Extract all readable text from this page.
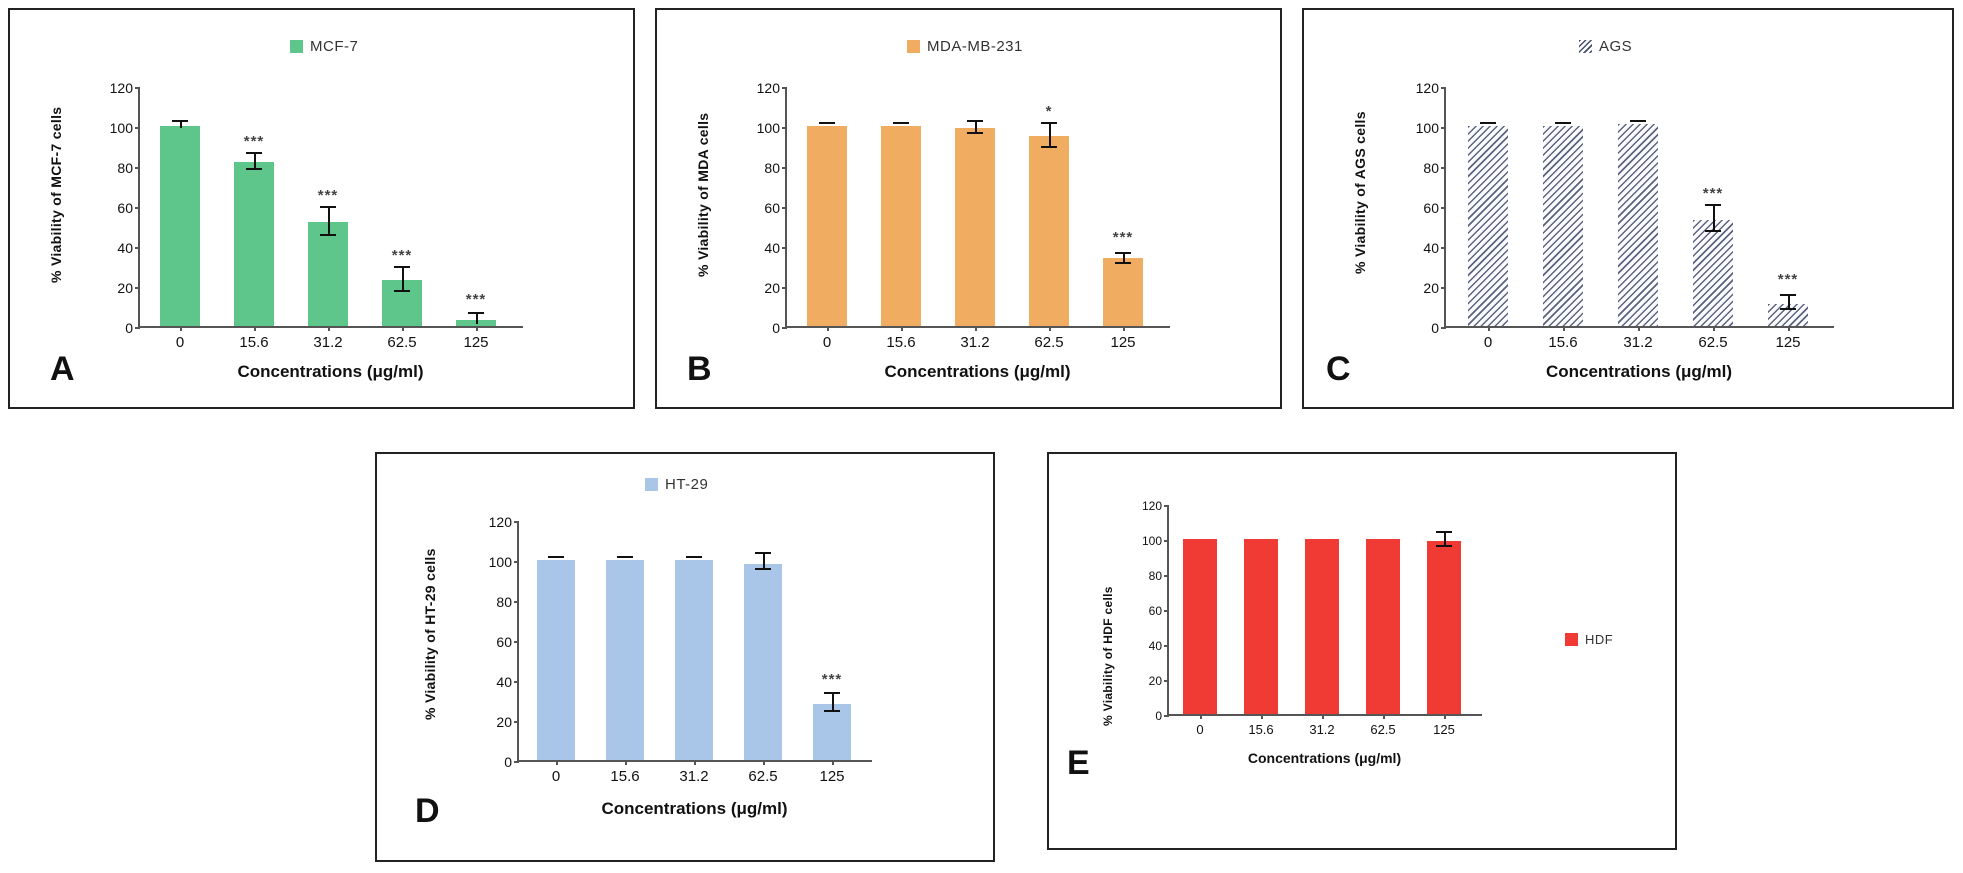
MCF-7
% Viability of MCF-7 cells
120
100
80
60
40
20
0
***
***
***
***
0	15.6	31.2	62.5	125
Concentrations (μg/ml)
A
MDA-MB-231
% Viability of MDA cells
120
100
80
60
40
20
0
*
***
0	15.6	31.2	62.5	125
Concentrations (μg/ml)
B
AGS
% Viability of AGS cells
120
100
80
60
40
20
0
***
***
0	15.6	31.2	62.5	125
Concentrations (μg/ml)
C
HT-29
% Viability of HT-29 cells
120
100
80
60
40
20
0
***
0	15.6	31.2	62.5	125
Concentrations (μg/ml)
D
HDF
% Viability of HDF cells
120
100
80
60
40
20
0
0	15.6	31.2	62.5	125
Concentrations (μg/ml)
E
